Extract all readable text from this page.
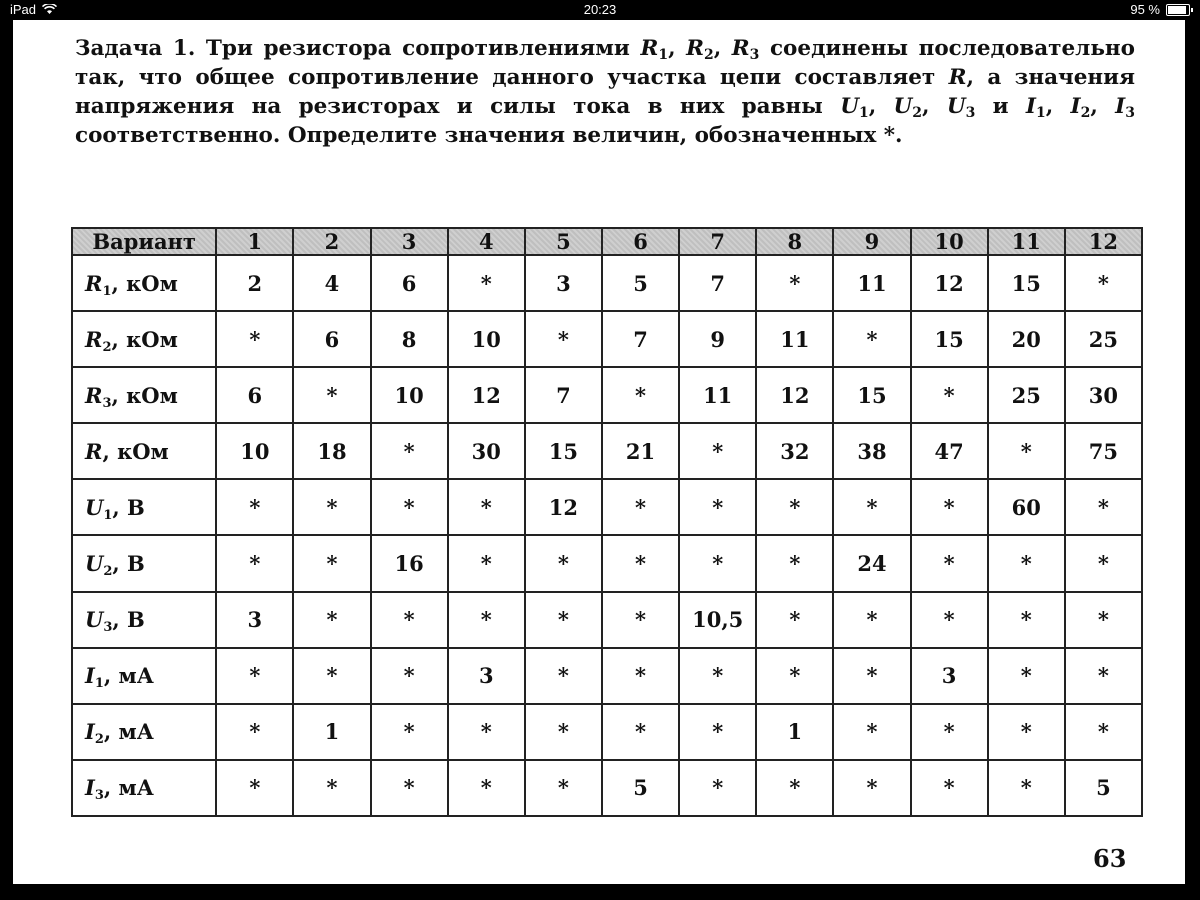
iPad	20:23	95 %
Задача 1. Три резистора сопротивлениями $R_1$, $R_2$, $R_3$ соединены последовательно так, что общее сопротивление данного участка цепи составляет R, а значения напряжения на резисторах и силы тока в них равны $U_1$, $U_2$, $U_3$ и $I_1$, $I_2$, $I_3$ соответственно. Определите значения величин, обозначенных *.
Вариант	1	2	3	4	5	6	7	8	9	10	11	12
$R_1$, кОм	2	4	6	*	3	5	7	*	11	12	15	*
$R_2$, кОм	*	6	8	10	*	7	9	11	*	15	20	25
$R_3$, кОм	6	*	10	12	7	*	11	12	15	*	25	30
R, кОм	10	18	*	30	15	21	*	32	38	47	*	75
$U_1$, В	*	*	*	*	12	*	*	*	*	*	60	*
$U_2$, В	*	*	16	*	*	*	*	*	24	*	*	*
$U_3$, В	3	*	*	*	*	*	10,5	*	*	*	*	*
$I_1$, мА	*	*	*	3	*	*	*	*	*	3	*	*
$I_2$, мА	*	1	*	*	*	*	*	1	*	*	*	*
$I_3$, мА	*	*	*	*	*	5	*	*	*	*	*	5
63
